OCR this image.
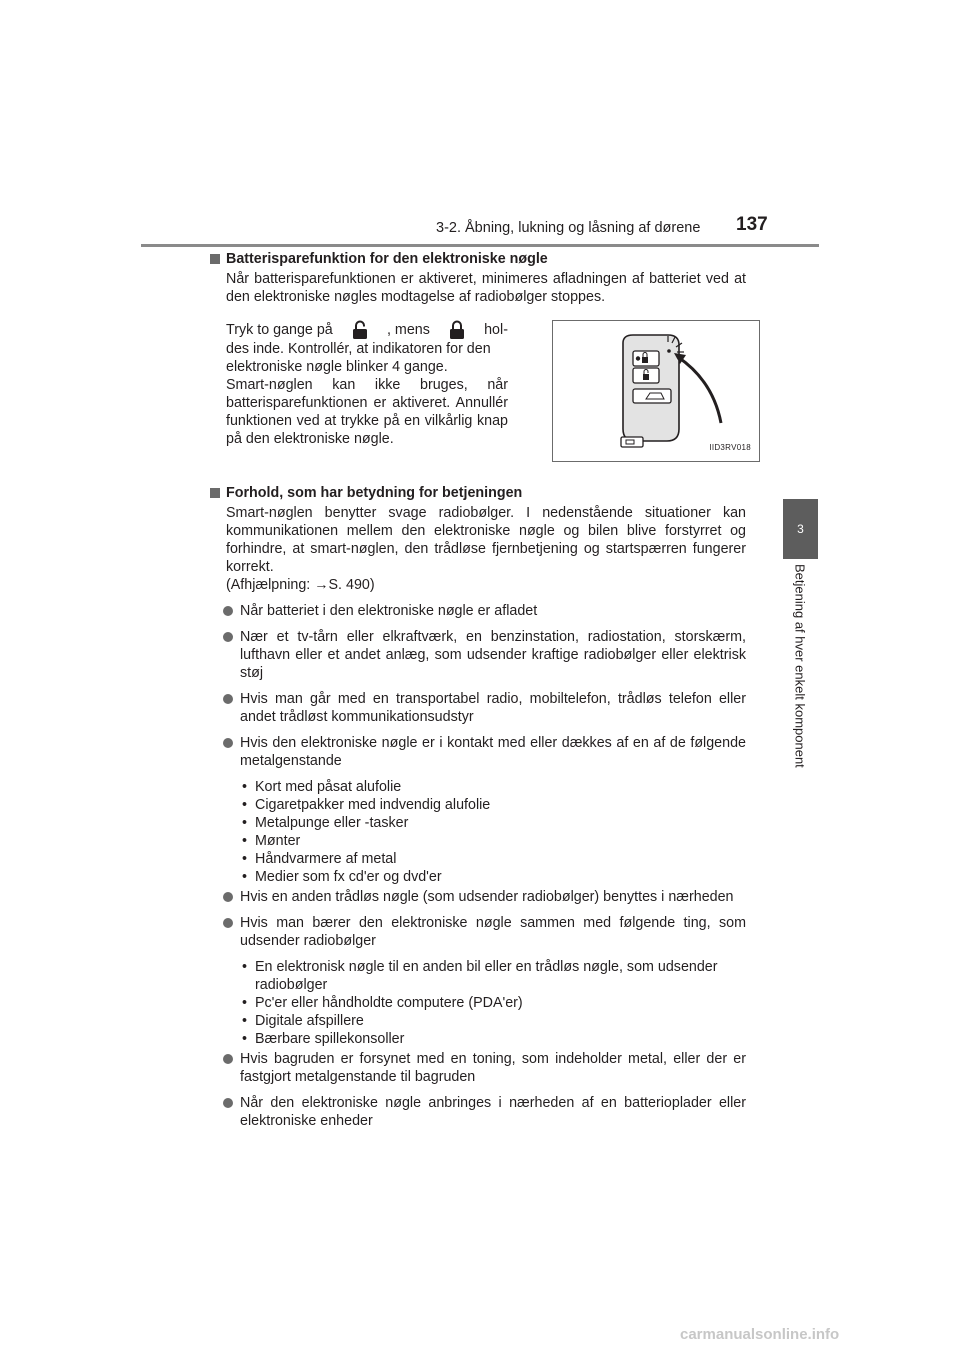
3-2. Åbning, lukning og låsning af dørene 137
3
Betjening af hver enkelt komponent
Batterisparefunktion for den elektroniske nøgle

Når batterisparefunktionen er aktiveret, minimeres afladningen af batteriet ved at den elektroniske nøgles modtagelse af radiobølger stoppes.

Tryk to gange på	, mens	hol-

des inde. Kontrollér, at indikatoren for den elektroniske nøgle blinker 4 gange.

Smart-nøglen kan ikke bruges, når batterisparefunktionen er aktiveret. Annullér funktionen ved at trykke på en vilkårlig knap på den elektroniske nøgle.

IID3RV018
Forhold, som har betydning for betjeningen

Smart-nøglen benytter svage radiobølger. I nedenstående situationer kan kommunikationen mellem den elektroniske nøgle og bilen blive forstyrret og forhindre, at smart-nøglen, den trådløse fjernbetjening og startspærren fungerer korrekt.

(Afhjælpning: →S. 490)

Når batteriet i den elektroniske nøgle er afladet
Nær et tv-tårn eller elkraftværk, en benzinstation, radiostation, storskærm, lufthavn eller et andet anlæg, som udsender kraftige radiobølger eller elektrisk støj
Hvis man går med en transportabel radio, mobiltelefon, trådløs telefon eller andet trådløst kommunikationsudstyr
Hvis den elektroniske nøgle er i kontakt med eller dækkes af en af de følgende metalgenstande
• Kort med påsat alufolie
• Cigaretpakker med indvendig alufolie
• Metalpunge eller -tasker
• Mønter
• Håndvarmere af metal
• Medier som fx cd'er og dvd'er
Hvis en anden trådløs nøgle (som udsender radiobølger) benyttes i nærheden
Hvis man bærer den elektroniske nøgle sammen med følgende ting, som udsender radiobølger
• En elektronisk nøgle til en anden bil eller en trådløs nøgle, som udsender radiobølger
• Pc'er eller håndholdte computere (PDA'er)
• Digitale afspillere
• Bærbare spillekonsoller
Hvis bagruden er forsynet med en toning, som indeholder metal, eller der er fastgjort metalgenstande til bagruden
Når den elektroniske nøgle anbringes i nærheden af en batterioplader eller elektroniske enheder
carmanualsonline.info
